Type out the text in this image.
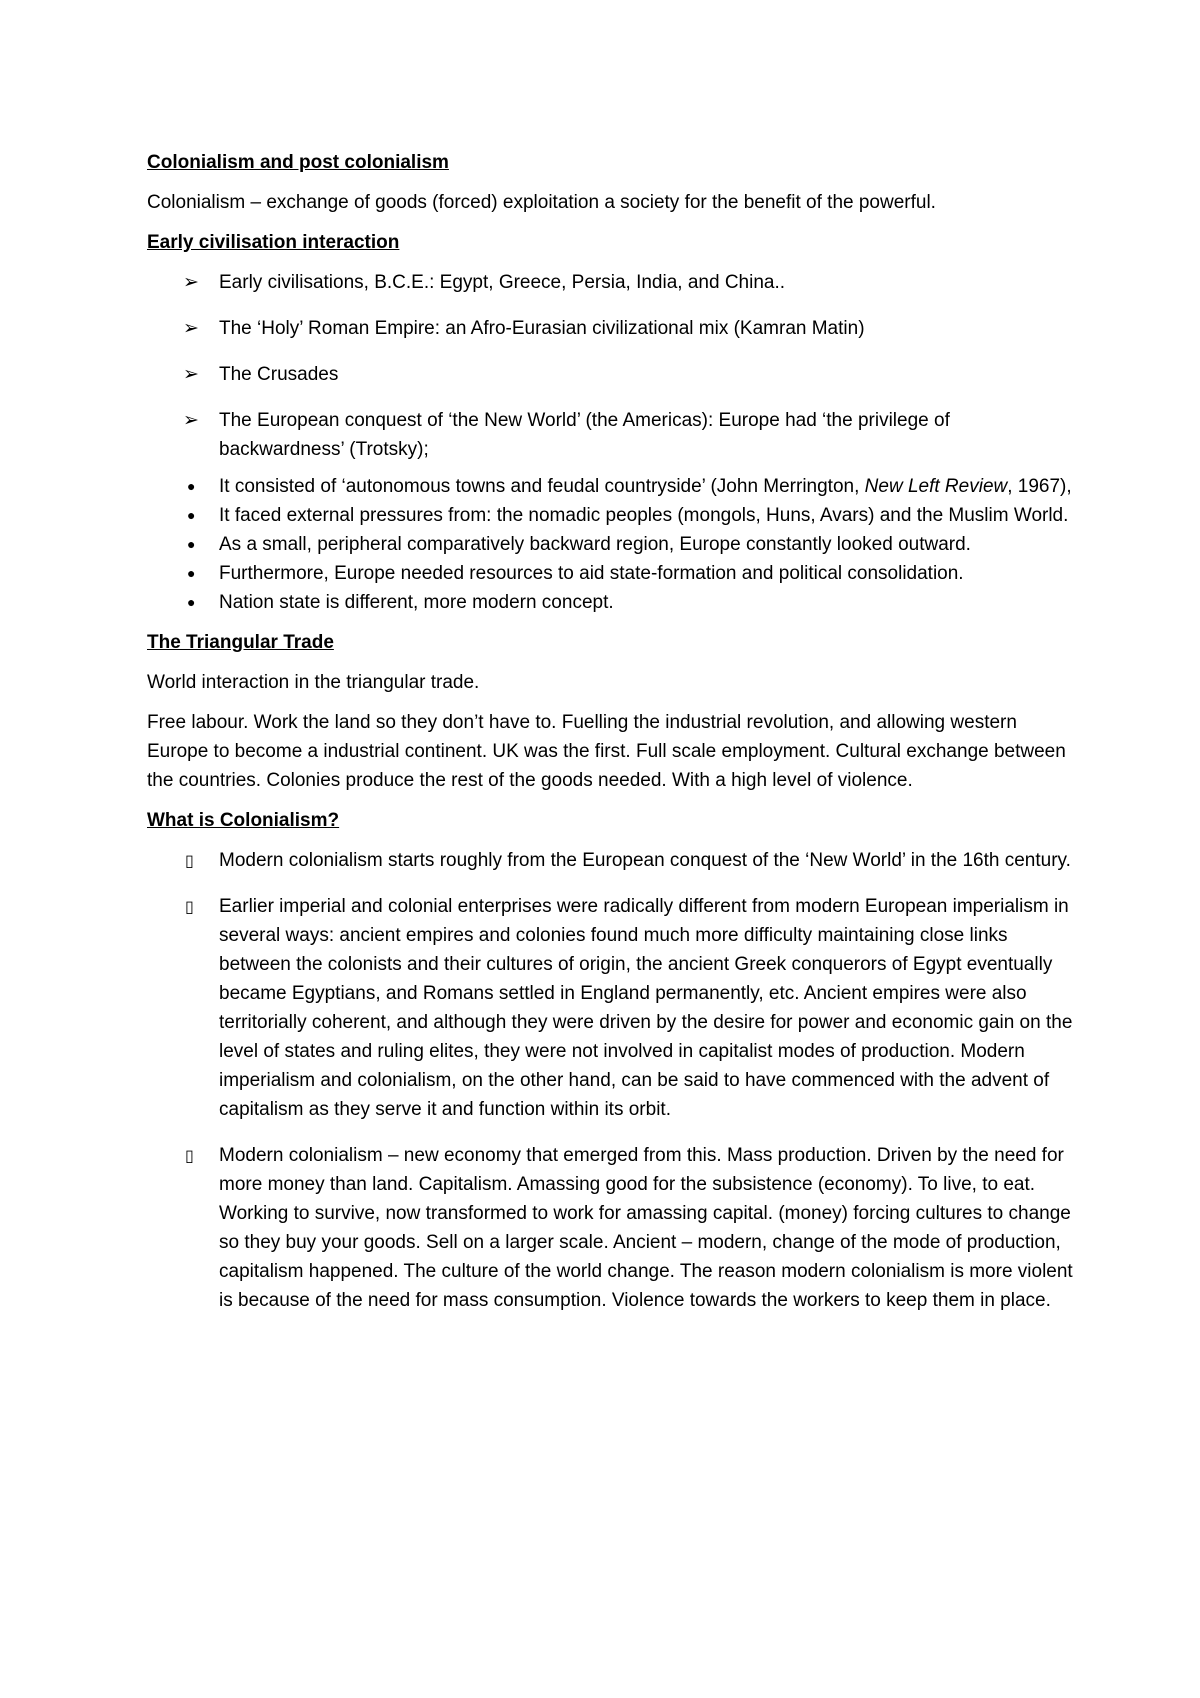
Colonialism and post colonialism

Colonialism – exchange of goods (forced) exploitation a society for the benefit of the powerful.

Early civilisation interaction

➢ Early civilisations, B.C.E.: Egypt, Greece, Persia, India, and China..
➢ The ‘Holy’ Roman Empire: an Afro-Eurasian civilizational mix (Kamran Matin)
➢ The Crusades
➢ The European conquest of ‘the New World’ (the Americas): Europe had ‘the privilege of backwardness’ (Trotsky);
● It consisted of ‘autonomous towns and feudal countryside’ (John Merrington, New Left Review, 1967),
● It faced external pressures from: the nomadic peoples (mongols, Huns, Avars) and the Muslim World.
● As a small, peripheral comparatively backward region, Europe constantly looked outward.
● Furthermore, Europe needed resources to aid state-formation and political consolidation.
● Nation state is different, more modern concept.

The Triangular Trade

World interaction in the triangular trade.

Free labour. Work the land so they don’t have to. Fuelling the industrial revolution, and allowing western Europe to become a industrial continent. UK was the first. Full scale employment. Cultural exchange between the countries. Colonies produce the rest of the goods needed. With a high level of violence.

What is Colonialism?

▯ Modern colonialism starts roughly from the European conquest of the ‘New World’ in the 16th century.
▯ Earlier imperial and colonial enterprises were radically different from modern European imperialism in several ways: ancient empires and colonies found much more difficulty maintaining close links between the colonists and their cultures of origin, the ancient Greek conquerors of Egypt eventually became Egyptians, and Romans settled in England permanently, etc. Ancient empires were also territorially coherent, and although they were driven by the desire for power and economic gain on the level of states and ruling elites, they were not involved in capitalist modes of production. Modern imperialism and colonialism, on the other hand, can be said to have commenced with the advent of capitalism as they serve it and function within its orbit.
▯ Modern colonialism – new economy that emerged from this. Mass production. Driven by the need for more money than land. Capitalism. Amassing good for the subsistence (economy). To live, to eat. Working to survive, now transformed to work for amassing capital. (money) forcing cultures to change so they buy your goods. Sell on a larger scale. Ancient – modern, change of the mode of production, capitalism happened. The culture of the world change. The reason modern colonialism is more violent is because of the need for mass consumption. Violence towards the workers to keep them in place.
